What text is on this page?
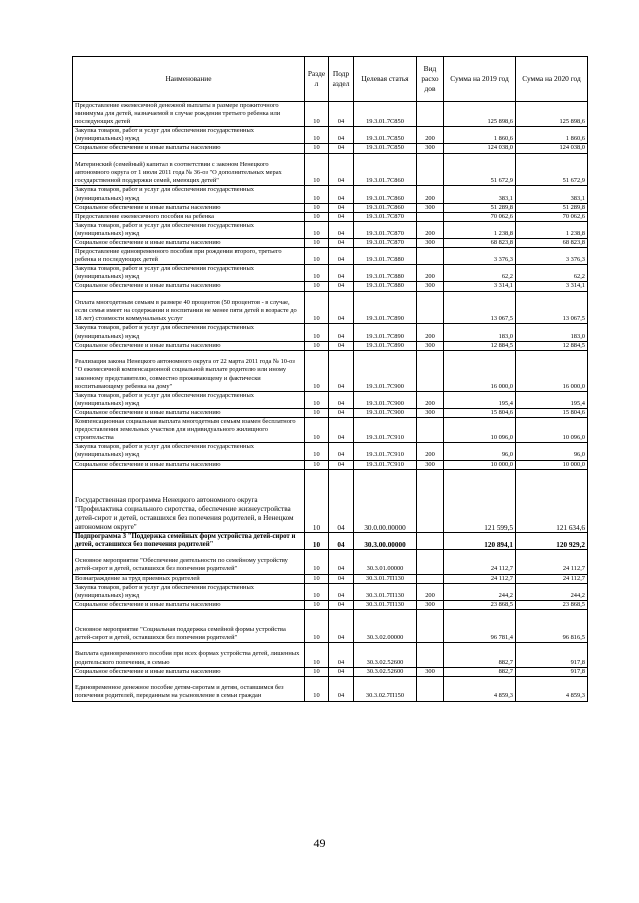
Наименование	Разде л	Подр аздел	Целевая статья	Вид расхо дов	Сумма на 2019 год	Сумма на 2020 год
Предоставление ежемесячной денежной выплаты в размере прожиточного минимума для детей, назначаемой в случае рождения третьего ребенка или последующих детей	10	04	19.3.01.7С850		125 898,6	125 898,6
Закупка товаров, работ и услуг для обеспечения государственных (муниципальных) нужд	10	04	19.3.01.7С850	200	1 860,6	1 860,6
Социальное обеспечение и иные выплаты населению	10	04	19.3.01.7С850	300	124 038,0	124 038,0
Материнский (семейный) капитал в соответствии с законом Ненецкого автономного округа от 1 июля 2011 года № 36-оз "О дополнительных мерах государственной поддержки семей, имеющих детей"	10	04	19.3.01.7С860		51 672,9	51 672,9
Закупка товаров, работ и услуг для обеспечения государственных (муниципальных) нужд	10	04	19.3.01.7С860	200	383,1	383,1
Социальное обеспечение и иные выплаты населению	10	04	19.3.01.7С860	300	51 289,8	51 289,8
Предоставление ежемесячного пособия на ребенка	10	04	19.3.01.7С870		70 062,6	70 062,6
Закупка товаров, работ и услуг для обеспечения государственных (муниципальных) нужд	10	04	19.3.01.7С870	200	1 238,8	1 238,8
Социальное обеспечение и иные выплаты населению	10	04	19.3.01.7С870	300	68 823,8	68 823,8
Предоставление единовременного пособия при рождении второго, третьего ребенка и последующих детей	10	04	19.3.01.7С880		3 376,3	3 376,3
Закупка товаров, работ и услуг для обеспечения государственных (муниципальных) нужд	10	04	19.3.01.7С880	200	62,2	62,2
Социальное обеспечение и иные выплаты населению	10	04	19.3.01.7С880	300	3 314,1	3 314,1
Оплата многодетным семьям в размере 40 процентов (50 процентов - в случае, если семья имеет на содержании и воспитании не менее пяти детей в возрасте до 18 лет) стоимости коммунальных услуг	10	04	19.3.01.7С890		13 067,5	13 067,5
Закупка товаров, работ и услуг для обеспечения государственных (муниципальных) нужд	10	04	19.3.01.7С890	200	183,0	183,0
Социальное обеспечение и иные выплаты населению	10	04	19.3.01.7С890	300	12 884,5	12 884,5
Реализация закона Ненецкого автономного округа от 22 марта 2011 года № 10-оз "О ежемесячной компенсационной социальной выплате родителю или иному законному представителю, совместно проживающему и фактически воспитывающему ребенка на дому"	10	04	19.3.01.7С900		16 000,0	16 000,0
Закупка товаров, работ и услуг для обеспечения государственных (муниципальных) нужд	10	04	19.3.01.7С900	200	195,4	195,4
Социальное обеспечение и иные выплаты населению	10	04	19.3.01.7С900	300	15 804,6	15 804,6
Компенсационная социальная выплата многодетным семьям взамен бесплатного предоставления земельных участков для индивидуального жилищного строительства	10	04	19.3.01.7С910		10 096,0	10 096,0
Закупка товаров, работ и услуг для обеспечения государственных (муниципальных) нужд	10	04	19.3.01.7С910	200	96,0	96,0
Социальное обеспечение и иные выплаты населению	10	04	19.3.01.7С910	300	10 000,0	10 000,0
Государственная программа Ненецкого автономного округа "Профилактика социального сиротства, обеспечение жизнеустройства детей-сирот и детей, оставшихся без попечения родителей, в Ненецком автономном округе"	10	04	30.0.00.00000		121 599,5	121 634,6
Подпрограмма 3 "Поддержка семейных форм устройства детей-сирот и детей, оставшихся без попечения родителей"	10	04	30.3.00.00000		120 894,1	120 929,2
Основное мероприятие "Обеспечение деятельности по семейному устройству детей-сирот и детей, оставшихся без попечения родителей"	10	04	30.3.01.00000		24 112,7	24 112,7
Вознаграждение за труд приемных родителей	10	04	30.3.01.7П130		24 112,7	24 112,7
Закупка товаров, работ и услуг для обеспечения государственных (муниципальных) нужд	10	04	30.3.01.7П130	200	244,2	244,2
Социальное обеспечение и иные выплаты населению	10	04	30.3.01.7П130	300	23 868,5	23 868,5
Основное мероприятие "Социальная поддержка семейной формы устройства детей-сирот и детей, оставшихся без попечения родителей"	10	04	30.3.02.00000		96 781,4	96 816,5
Выплата единовременного пособия при всех формах устройства детей, лишенных родительского попечения, в семью	10	04	30.3.02.52600		882,7	917,8
Социальное обеспечение и иные выплаты населению	10	04	30.3.02.52600	300	882,7	917,8
Единовременное денежное пособие детям-сиротам и детям, оставшимся без попечения родителей, переданным на усыновление в семьи граждан	10	04	30.3.02.7П150		4 859,3	4 859,3
49
